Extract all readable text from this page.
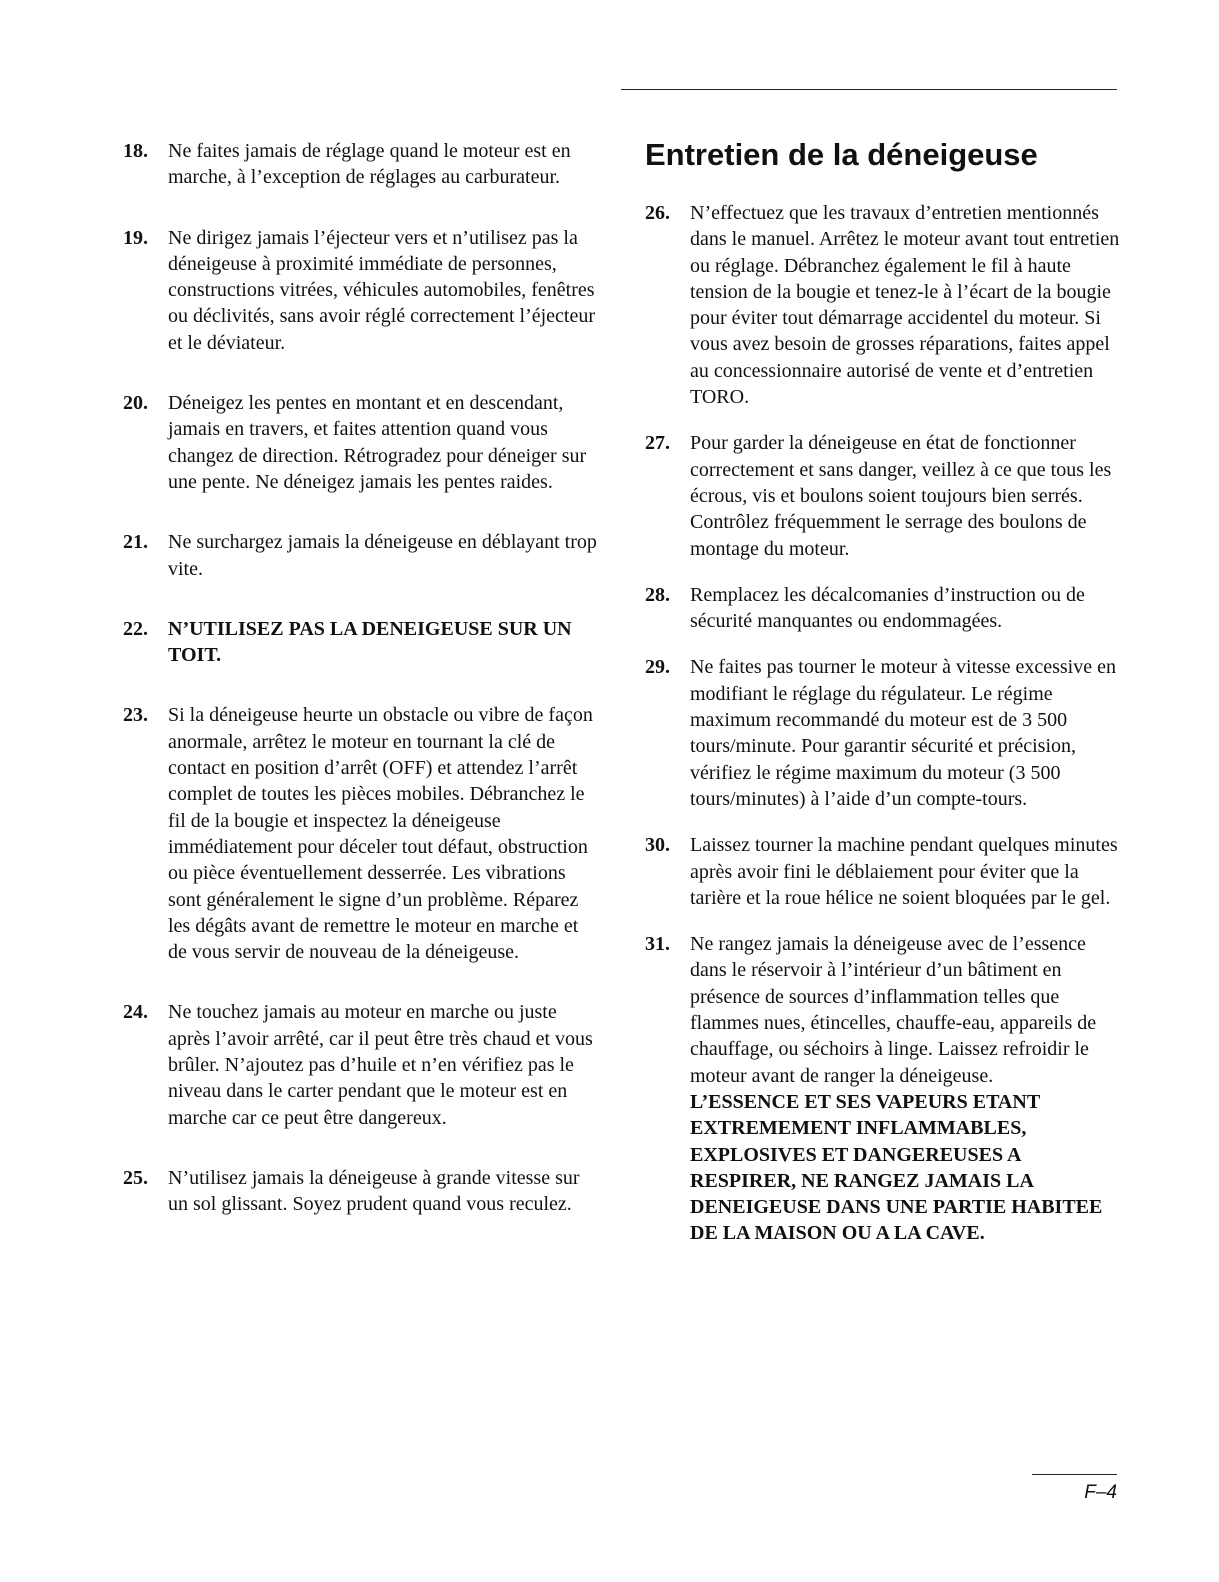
18. Ne faites jamais de réglage quand le moteur est en marche, à l’exception de réglages au carburateur.
19. Ne dirigez jamais l’éjecteur vers et n’utilisez pas la déneigeuse à proximité immédiate de personnes, constructions vitrées, véhicules automobiles, fenêtres ou déclivités, sans avoir réglé correctement l’éjecteur et le déviateur.
20. Déneigez les pentes en montant et en descendant, jamais en travers, et faites attention quand vous changez de direction. Rétrogradez pour déneiger sur une pente. Ne déneigez jamais les pentes raides.
21. Ne surchargez jamais la déneigeuse en déblayant trop vite.
22. N’UTILISEZ PAS LA DENEIGEUSE SUR UN TOIT.
23. Si la déneigeuse heurte un obstacle ou vibre de façon anormale, arrêtez le moteur en tournant la clé de contact en position d’arrêt (OFF) et attendez l’arrêt complet de toutes les pièces mobiles. Débranchez le fil de la bougie et inspectez la déneigeuse immédiatement pour déceler tout défaut, obstruction ou pièce éventuellement desserrée. Les vibrations sont généralement le signe d’un problème. Réparez les dégâts avant de remettre le moteur en marche et de vous servir de nouveau de la déneigeuse.
24. Ne touchez jamais au moteur en marche ou juste après l’avoir arrêté, car il peut être très chaud et vous brûler. N’ajoutez pas d’huile et n’en vérifiez pas le niveau dans le carter pendant que le moteur est en marche car ce peut être dangereux.
25. N’utilisez jamais la déneigeuse à grande vitesse sur un sol glissant. Soyez prudent quand vous reculez.
Entretien de la déneigeuse
26. N’effectuez que les travaux d’entretien mentionnés dans le manuel. Arrêtez le moteur avant tout entretien ou réglage. Débranchez également le fil à haute tension de la bougie et tenez-le à l’écart de la bougie pour éviter tout démarrage accidentel du moteur. Si vous avez besoin de grosses réparations, faites appel au concessionnaire autorisé de vente et d’entretien TORO.
27. Pour garder la déneigeuse en état de fonctionner correctement et sans danger, veillez à ce que tous les écrous, vis et boulons soient toujours bien serrés. Contrôlez fréquemment le serrage des boulons de montage du moteur.
28. Remplacez les décalcomanies d’instruction ou de sécurité manquantes ou endommagées.
29. Ne faites pas tourner le moteur à vitesse excessive en modifiant le réglage du régulateur. Le régime maximum recommandé du moteur est de 3 500 tours/minute. Pour garantir sécurité et précision, vérifiez le régime maximum du moteur (3 500 tours/minutes) à l’aide d’un compte-tours.
30. Laissez tourner la machine pendant quelques minutes après avoir fini le déblaiement pour éviter que la tarière et la roue hélice ne soient bloquées par le gel.
31. Ne rangez jamais la déneigeuse avec de l’essence dans le réservoir à l’intérieur d’un bâtiment en présence de sources d’inflammation telles que flammes nues, étincelles, chauffe-eau, appareils de chauffage, ou séchoirs à linge. Laissez refroidir le moteur avant de ranger la déneigeuse.
L’ESSENCE ET SES VAPEURS ETANT EXTREMEMENT INFLAMMABLES, EXPLOSIVES ET DANGEREUSES A RESPIRER, NE RANGEZ JAMAIS LA DENEIGEUSE DANS UNE PARTIE HABITEE DE LA MAISON OU A LA CAVE.
F–4
